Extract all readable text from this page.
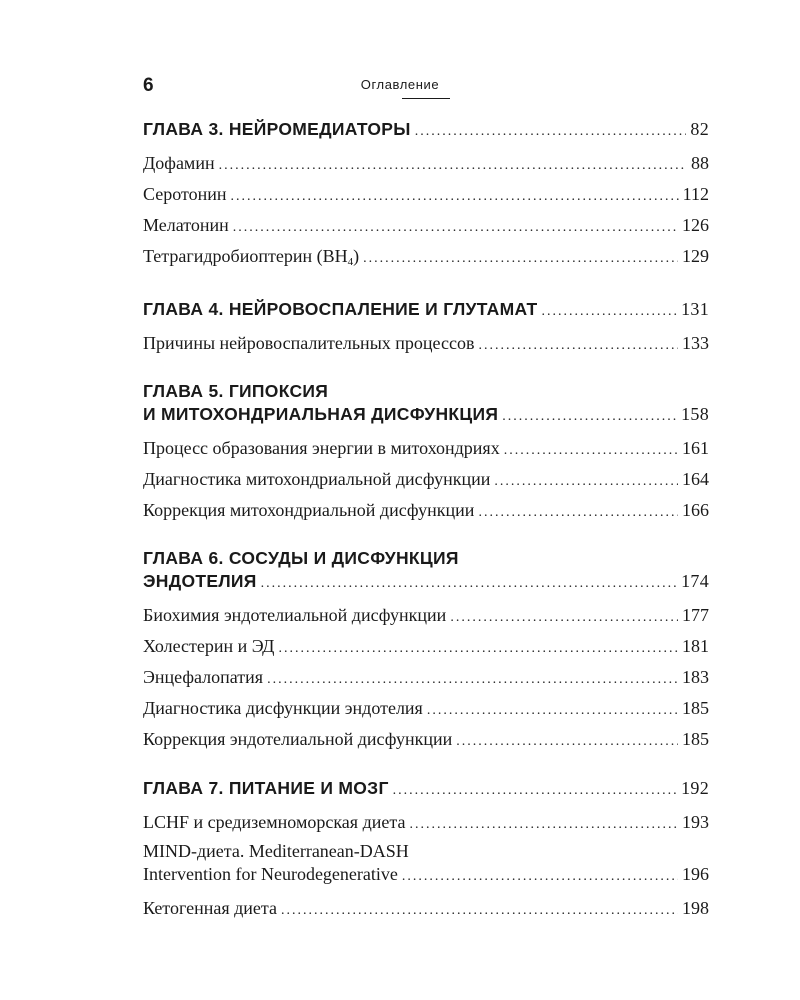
6	Оглавление
ГЛАВА 3. НЕЙРОМЕДИАТОРЫ .....	82
Дофамин .....	88
Серотонин .....	112
Мелатонин .....	126
Тетрагидробиоптерин (BH4) .....	129
ГЛАВА 4. НЕЙРОВОСПАЛЕНИЕ И ГЛУТАМАТ .....	131
Причины нейровоспалительных процессов .....	133
ГЛАВА 5. ГИПОКСИЯ
И МИТОХОНДРИАЛЬНАЯ ДИСФУНКЦИЯ .....	158
Процесс образования энергии в митохондриях .....	161
Диагностика митохондриальной дисфункции .....	164
Коррекция митохондриальной дисфункции .....	166
ГЛАВА 6. СОСУДЫ И ДИСФУНКЦИЯ
ЭНДОТЕЛИЯ .....	174
Биохимия эндотелиальной дисфункции .....	177
Холестерин и ЭД .....	181
Энцефалопатия .....	183
Диагностика дисфункции эндотелия .....	185
Коррекция эндотелиальной дисфункции .....	185
ГЛАВА 7. ПИТАНИЕ И МОЗГ .....	192
LCHF и средиземноморская диета .....	193
MIND-диета. Mediterranean-DASH
Intervention for Neurodegenerative .....	196
Кетогенная диета .....	198
